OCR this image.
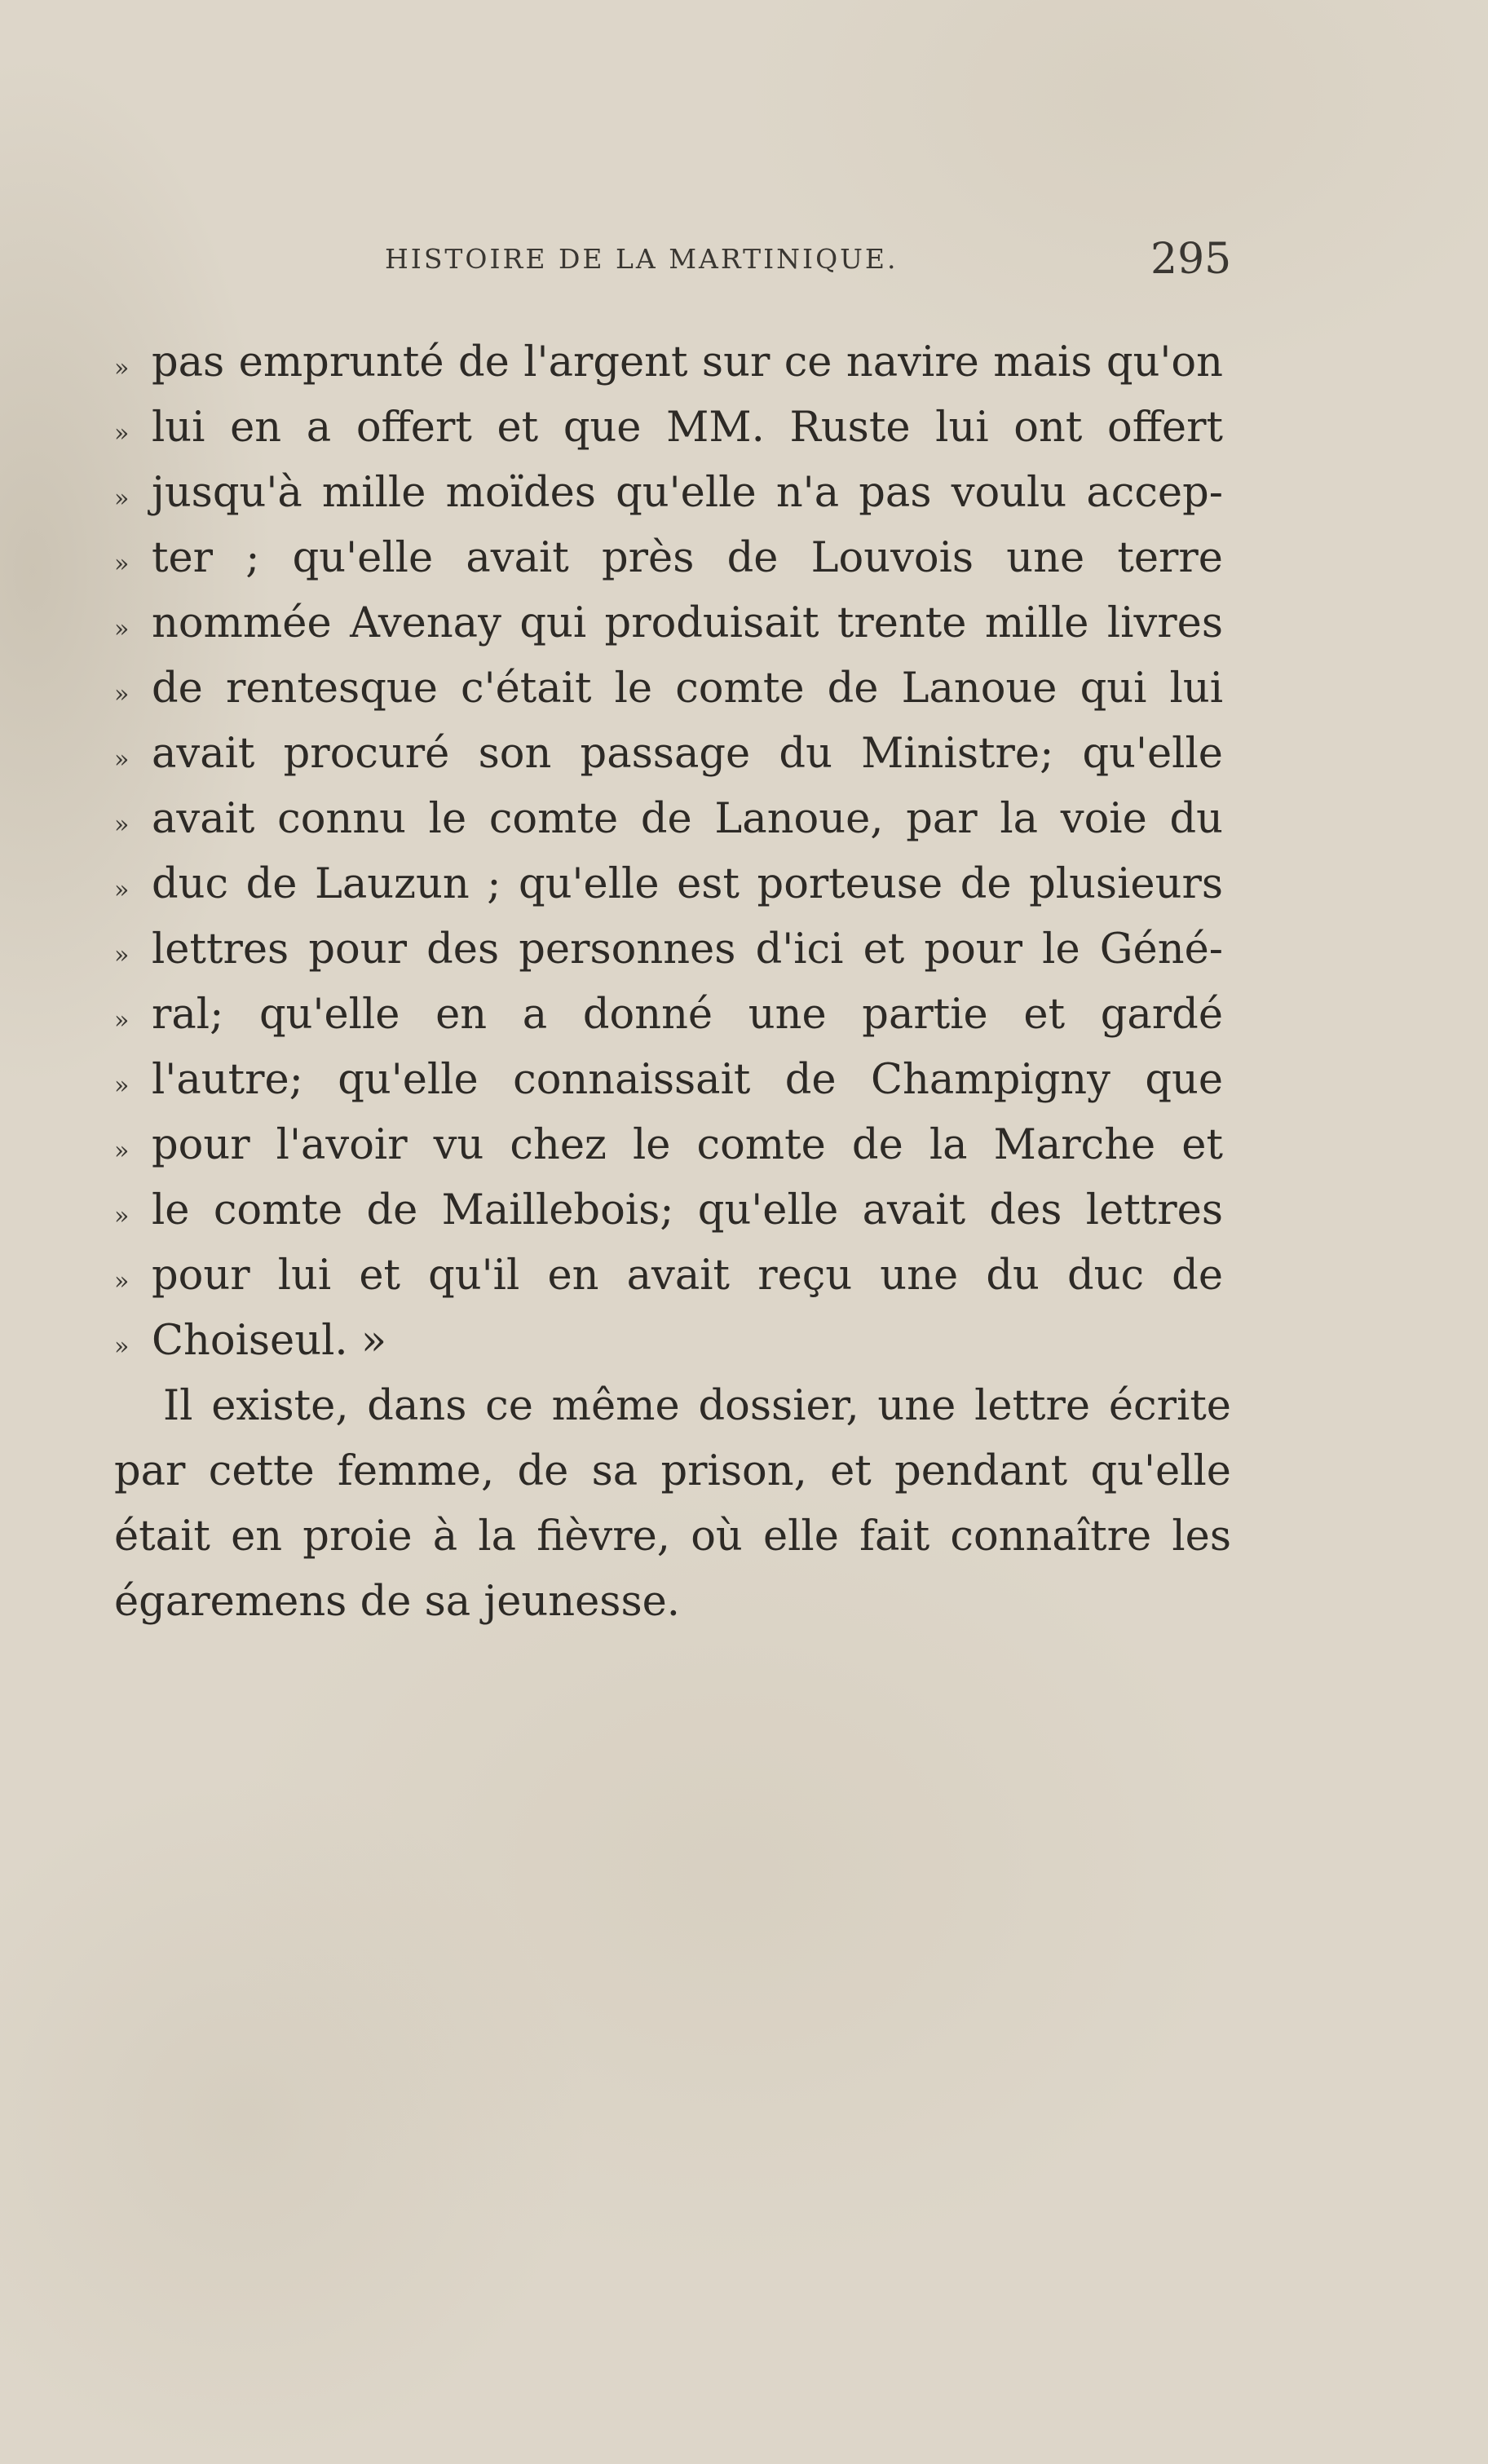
HISTOIRE DE LA MARTINIQUE.	295
» pas emprunté de l'argent sur ce navire mais qu'on
» lui en a offert et que MM. Ruste lui ont offert
» jusqu'à mille moïdes qu'elle n'a pas voulu accep-
» ter ; qu'elle avait près de Louvois une terre
» nommée Avenay qui produisait trente mille livres
» de rentesque c'était le comte de Lanoue qui lui
» avait procuré son passage du Ministre; qu'elle
» avait connu le comte de Lanoue, par la voie du
» duc de Lauzun ; qu'elle est porteuse de plusieurs
» lettres pour des personnes d'ici et pour le Géné-
» ral; qu'elle en a donné une partie et gardé
» l'autre; qu'elle connaissait de Champigny que
» pour l'avoir vu chez le comte de la Marche et
» le comte de Maillebois; qu'elle avait des lettres
» pour lui et qu'il en avait reçu une du duc de
» Choiseul. »
Il existe, dans ce même dossier, une lettre écrite
par cette femme, de sa prison, et pendant qu'elle
était en proie à la fièvre, où elle fait connaître les
égaremens de sa jeunesse.
